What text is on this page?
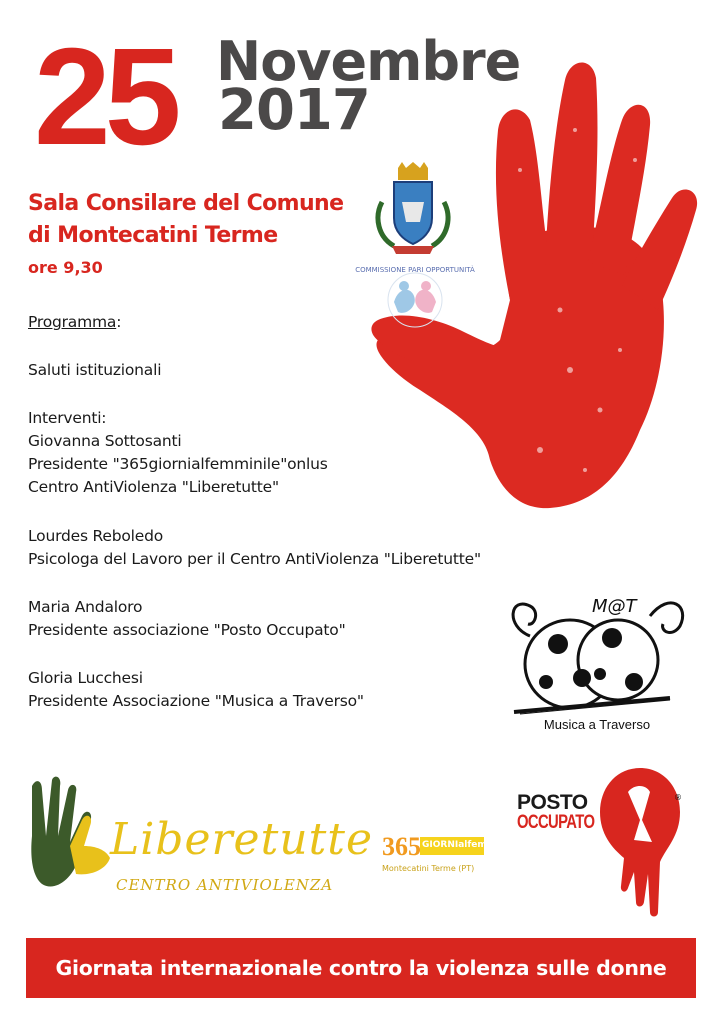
25 Novembre
2017
Sala Consilare del Comune
di Montecatini Terme
ore 9,30	COMMISSIONE PARI OPPORTUNITÀ
Programma:
Saluti istituzionali
Interventi:
Giovanna Sottosanti
Presidente "365giornialfemminile"onlus
Centro AntiViolenza "Liberetutte"
Lourdes Reboledo
Psicologa del Lavoro per il Centro AntiViolenza "Liberetutte"
Maria Andaloro
Presidente associazione "Posto Occupato"
Gloria Lucchesi
Presidente Associazione "Musica a Traverso"
M@T
Musica a Traverso
Liberetutte
CENTRO ANTIVIOLENZA
365 GIORNIalfemminile
Montecatini Terme (PT)
POSTO
OCCUPATO
®
Giornata internazionale contro la violenza sulle donne
